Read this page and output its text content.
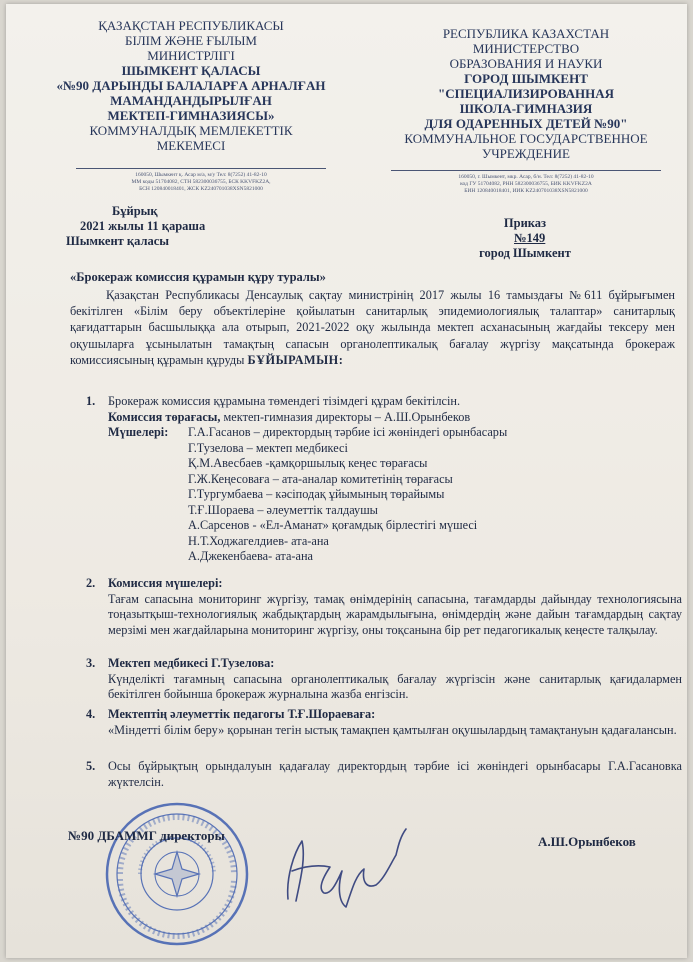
ҚАЗАҚСТАН РЕСПУБЛИКАСЫ
БІЛІМ ЖӘНЕ ҒЫЛЫМ
МИНИСТРЛІГІ
ШЫМКЕНТ ҚАЛАСЫ
«№90 ДАРЫНДЫ БАЛАЛАРҒА АРНАЛҒАН
МАМАНДАНДЫРЫЛҒАН
МЕКТЕП-ГИМНАЗИЯСЫ»
КОММУНАЛДЫҚ МЕМЛЕКЕТТІК
МЕКЕМЕСІ
РЕСПУБЛИКА КАЗАХСТАН
МИНИСТЕРСТВО
ОБРАЗОВАНИЯ И НАУКИ
ГОРОД ШЫМКЕНТ
"СПЕЦИАЛИЗИРОВАННАЯ
ШКОЛА-ГИМНАЗИЯ
ДЛЯ ОДАРЕННЫХ ДЕТЕЙ №90"
КОММУНАЛЬНОЕ ГОСУДАРСТВЕННОЕ
УЧРЕЖДЕНИЕ
160050, Шымкент қ. Асар м/а, м/у Тел: 8(7252) 41-82-10
ММ коды 51704082, СТН 582300036755, БСК KKVFKZ2A,
БСН 120840018401, ЖСК KZ240701038XSN5821000
160050, г. Шымкент, мкр. Асар, б/н. Тел: 8(7252) 41-82-10
код ГУ 51704082, РНН 582300036755, БИК KKVFKZ2A
БИН 120840018401, ИИК KZ240701038XSN5821000
Бұйрық
2021 жылы 11 қараша
Шымкент қаласы
Приказ
№149
город Шымкент
«Брокераж комиссия құрамын құру туралы»
Қазақстан Республикасы Денсаулық сақтау министрінің 2017 жылы 16 тамыздағы №611 бұйрығымен бекітілген «Білім беру объектілеріне қойылатын санитарлық эпидемиологиялық талаптар» санитарлық қағидаттарын басшылыққа ала отырып, 2021-2022 оқу жылында мектеп асханасының жағдайы тексеру мен оқушыларға ұсынылатын тамақтың сапасын органолептикалық бағалау жүргізу мақсатында брокераж комиссиясының құрамын құруды БҰЙЫРАМЫН:
1. Брокераж комиссия құрамына төмендегі тізімдегі құрам бекітілсін.
Комиссия төрағасы, мектеп-гимназия директоры – А.Ш.Орынбеков
Мүшелері: Г.А.Гасанов – директордың тәрбие ісі жөніндегі орынбасары
Г.Тузелова – мектеп медбикесі
Қ.М.Авесбаев -қамқоршылық кеңес төрағасы
Г.Ж.Кеңесоваға – ата-аналар комитетінің төрағасы
Г.Тургумбаева – кәсіподақ ұйымының төрайымы
Т.Ғ.Шораева – әлеуметтік талдаушы
А.Сарсенов - «Ел-Аманат» қоғамдық бірлестігі мүшесі
Н.Т.Ходжагелдиев- ата-ана
А.Джекенбаева- ата-ана
2. Комиссия мүшелері:
Тағам сапасына мониторинг жүргізу, тамақ өнімдерінің сапасына, тағамдарды дайындау технологиясына тоңазытқыш-технологиялық жабдықтардың жарамдылығына, өнімдердің және дайын тағамдардың сақтау мерзімі мен жағдайларына мониторинг жүргізу, оны тоқсанына бір рет педагогикалық кеңесте талқылау.
3. Мектеп медбикесі Г.Тузелова:
Күнделікті тағамның сапасына органолептикалық бағалау жүргізсін және санитарлық қағидалармен бекітілген бойынша брокераж журналына жазба енгізсін.
4. Мектептің әлеуметтік педагогы Т.Ғ.Шораеваға:
«Міндетті білім беру» қорынан тегін ыстық тамақпен қамтылған оқушылардың тамақтануын қадағалансын.
5.	Осы бұйрықтың орындалуын қадағалау директордың тәрбие ісі жөніндегі орынбасары Г.А.Гасановка жүктелсін.
№90 ДБАММГ директоры	А.Ш.Орынбеков
